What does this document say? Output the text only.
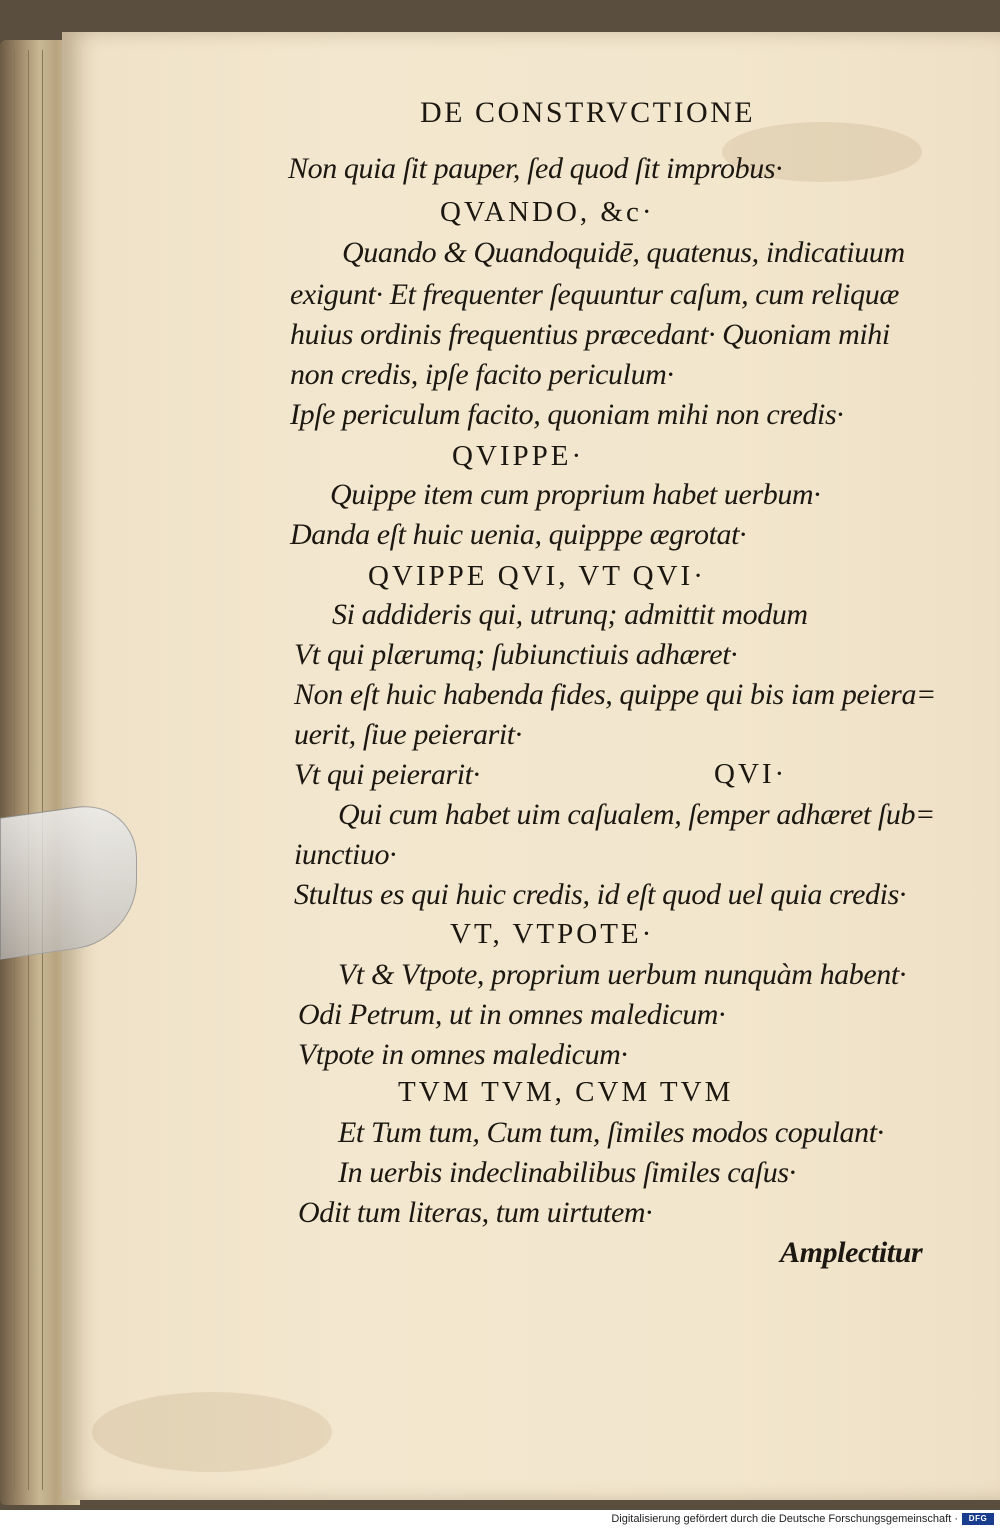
DE CONSTRVCTIONE
Non quia ſit pauper, ſed quod ſit improbus·
QVANDO, &c·
Quando & Quandoquidē, quatenus, indicatiuum
exigunt· Et frequenter ſequuntur caſum, cum reliquæ
huius ordinis frequentius præcedant· Quoniam mihi
non credis, ipſe facito periculum·
Ipſe periculum facito, quoniam mihi non credis·
QVIPPE·
Quippe item cum proprium habet uerbum·
Danda eſt huic uenia, quipppe ægrotat·
QVIPPE QVI, VT QVI·
Si addideris qui, utrunq; admittit modum
Vt qui plærumq; ſubiunctiuis adhæret·
Non eſt huic habenda fides, quippe qui bis iam peiera=
uerit, ſiue peierarit·
Vt qui peierarit·	QVI·
Qui cum habet uim caſualem, ſemper adhæret ſub=
iunctiuo·
Stultus es qui huic credis, id eſt quod uel quia credis·
VT, VTPOTE·
Vt & Vtpote, proprium uerbum nunquàm habent·
Odi Petrum, ut in omnes maledicum·
Vtpote in omnes maledicum·
TVM TVM, CVM TVM
Et Tum tum, Cum tum, ſimiles modos copulant·
In uerbis indeclinabilibus ſimiles caſus·
Odit tum literas, tum uirtutem·
Amplectitur
Digitalisierung gefördert durch die Deutsche Forschungsgemeinschaft ·	DFG
